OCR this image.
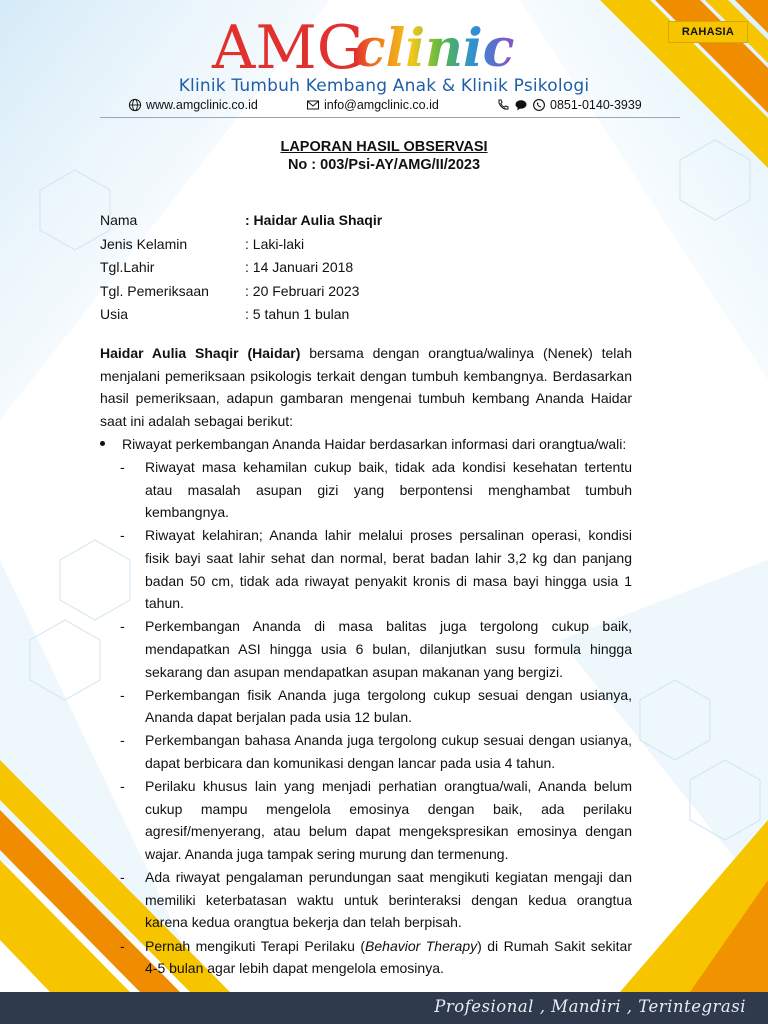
AMG
clinic
Klinik Tumbuh Kembang Anak & Klinik Psikologi
www.amgclinic.co.id	info@amgclinic.co.id	0851-0140-3939
RAHASIA
LAPORAN HASIL OBSERVASI
No : 003/Psi-AY/AMG/II/2023
Nama	: Haidar Aulia Shaqir
Jenis Kelamin	: Laki-laki
Tgl.Lahir	: 14 Januari 2018
Tgl. Pemeriksaan	: 20 Februari 2023
Usia	: 5 tahun 1 bulan

Haidar Aulia Shaqir (Haidar) bersama dengan orangtua/walinya (Nenek) telah menjalani pemeriksaan psikologis terkait dengan tumbuh kembangnya. Berdasarkan hasil pemeriksaan, adapun gambaran mengenai tumbuh kembang Ananda Haidar saat ini adalah sebagai berikut:

Riwayat perkembangan Ananda Haidar berdasarkan informasi dari orangtua/wali:
- Riwayat masa kehamilan cukup baik, tidak ada kondisi kesehatan tertentu atau masalah asupan gizi yang berpontensi menghambat tumbuh kembangnya.
- Riwayat kelahiran; Ananda lahir melalui proses persalinan operasi, kondisi fisik bayi saat lahir sehat dan normal, berat badan lahir 3,2 kg dan panjang badan 50 cm, tidak ada riwayat penyakit kronis di masa bayi hingga usia 1 tahun.
- Perkembangan Ananda di masa balitas juga tergolong cukup baik, mendapatkan ASI hingga usia 6 bulan, dilanjutkan susu formula hingga sekarang dan asupan mendapatkan asupan makanan yang bergizi.
- Perkembangan fisik Ananda juga tergolong cukup sesuai dengan usianya, Ananda dapat berjalan pada usia 12 bulan.
- Perkembangan bahasa Ananda juga tergolong cukup sesuai dengan usianya, dapat berbicara dan komunikasi dengan lancar pada usia 4 tahun.
- Perilaku khusus lain yang menjadi perhatian orangtua/wali, Ananda belum cukup mampu mengelola emosinya dengan baik, ada perilaku agresif/menyerang, atau belum dapat mengekspresikan emosinya dengan wajar. Ananda juga tampak sering murung dan termenung.
- Ada riwayat pengalaman perundungan saat mengikuti kegiatan mengaji dan memiliki keterbatasan waktu untuk berinteraksi dengan kedua orangtua karena kedua orangtua bekerja dan telah berpisah.
- Pernah mengikuti Terapi Perilaku (Behavior Therapy) di Rumah Sakit sekitar 4-5 bulan agar lebih dapat mengelola emosinya.
Profesional , Mandiri , Terintegrasi
